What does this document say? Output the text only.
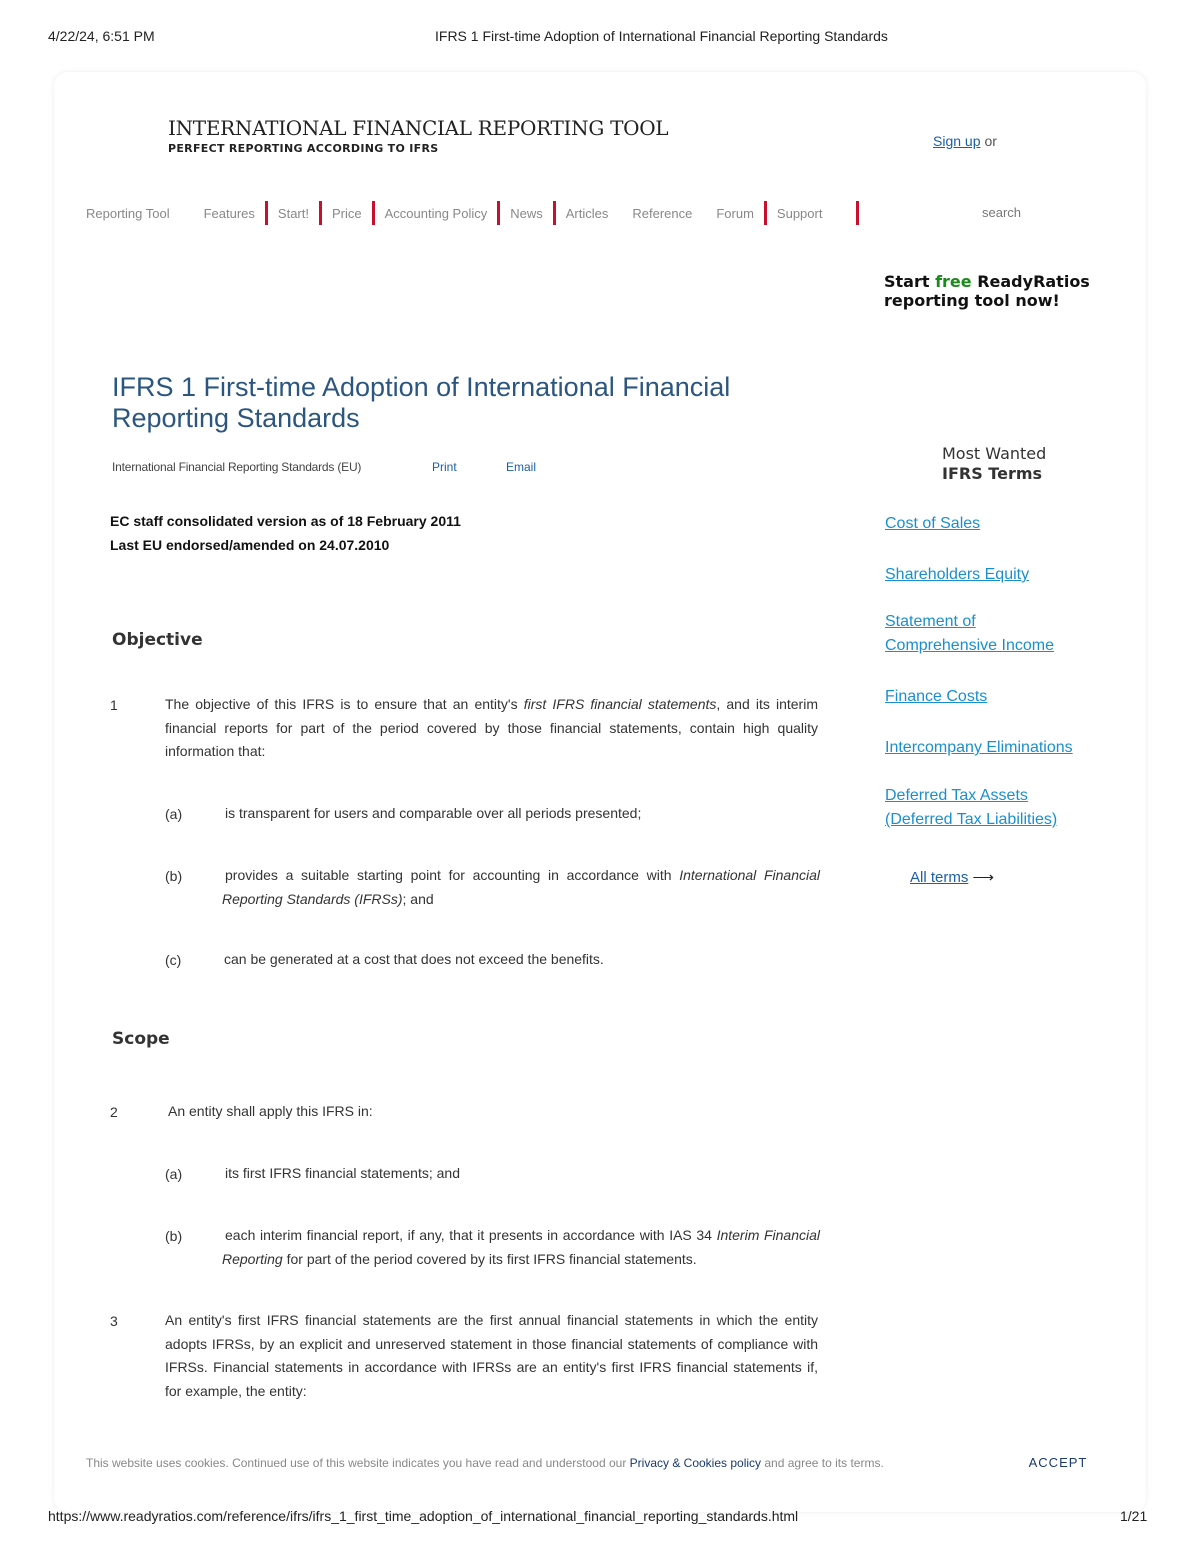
4/22/24, 6:51 PM	IFRS 1 First-time Adoption of International Financial Reporting Standards
INTERNATIONAL FINANCIAL REPORTING TOOL
PERFECT REPORTING ACCORDING TO IFRS	Sign up or
Reporting Tool	Features Start! Price Accounting Policy News Articles Reference Forum Support	search
Start free ReadyRatios reporting tool now!
IFRS 1 First-time Adoption of International Financial Reporting Standards
International Financial Reporting Standards (EU)	Print	Email
EC staff consolidated version as of 18 February 2011
Last EU endorsed/amended on 24.07.2010
Objective
1	The objective of this IFRS is to ensure that an entity's first IFRS financial statements, and its interim financial reports for part of the period covered by those financial statements, contain high quality information that:
(a)	is transparent for users and comparable over all periods presented;
(b)	provides a suitable starting point for accounting in accordance with International Financial Reporting Standards (IFRSs); and
(c)	can be generated at a cost that does not exceed the benefits.
Scope
2	An entity shall apply this IFRS in:
(a)	its first IFRS financial statements; and
(b)	each interim financial report, if any, that it presents in accordance with IAS 34 Interim Financial Reporting for part of the period covered by its first IFRS financial statements.
3	An entity's first IFRS financial statements are the first annual financial statements in which the entity adopts IFRSs, by an explicit and unreserved statement in those financial statements of compliance with IFRSs. Financial statements in accordance with IFRSs are an entity's first IFRS financial statements if, for example, the entity:
Most Wanted
IFRS Terms
Cost of Sales
Shareholders Equity
Statement of Comprehensive Income
Finance Costs
Intercompany Eliminations
Deferred Tax Assets (Deferred Tax Liabilities)
All terms ⟶
This website uses cookies. Continued use of this website indicates you have read and understood our Privacy & Cookies policy and agree to its terms.	ACCEPT
https://www.readyratios.com/reference/ifrs/ifrs_1_first_time_adoption_of_international_financial_reporting_standards.html	1/21
